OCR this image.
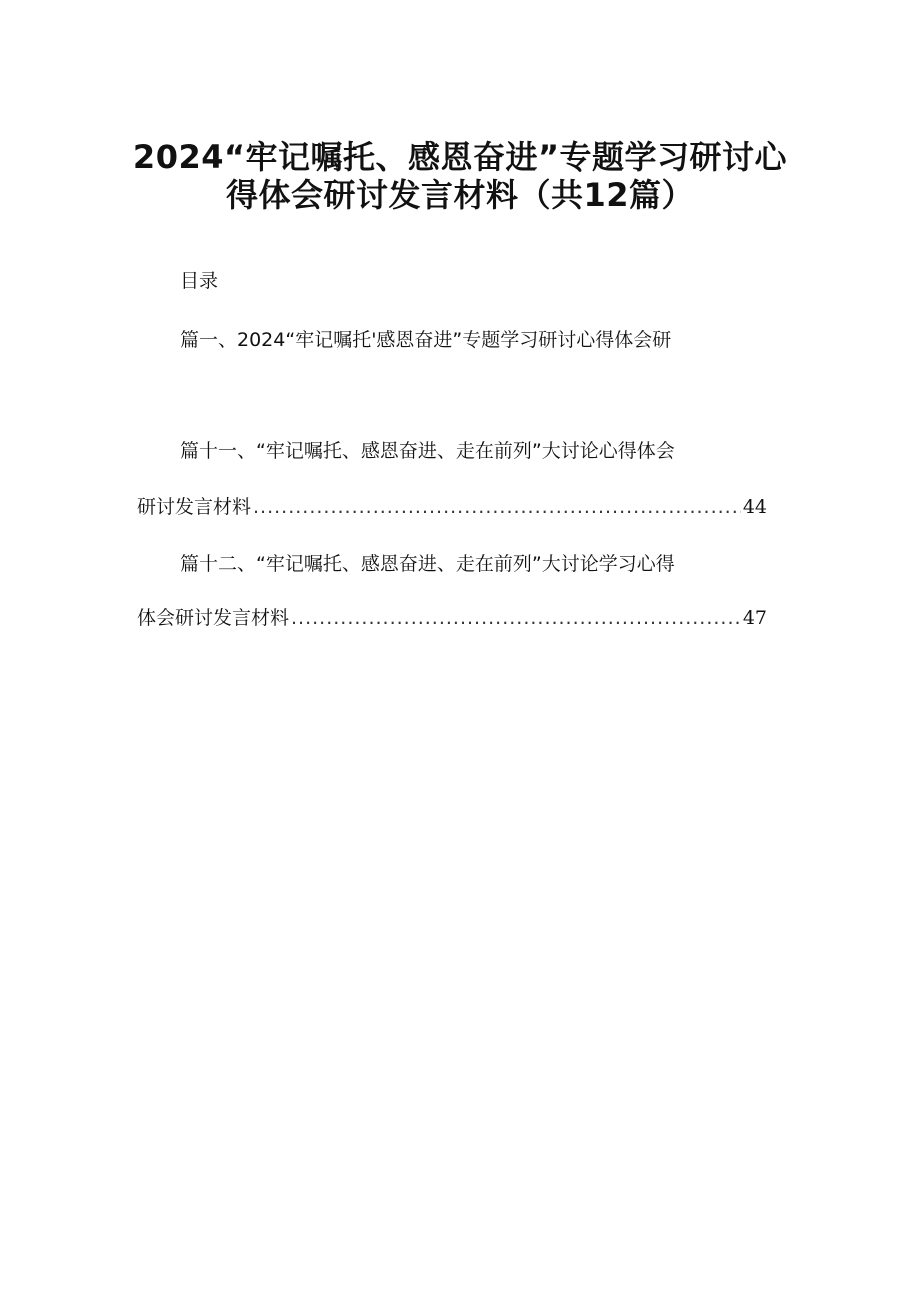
2024“牢记嘱托、感恩奋进”专题学习研讨心
得体会研讨发言材料（共12篇）
目录
篇一、2024“牢记嘱托'感恩奋进”专题学习研讨心得体会研
篇十一、“牢记嘱托、感恩奋进、走在前列”大讨论心得体会
研讨发言材料 .....	44
篇十二、“牢记嘱托、感恩奋进、走在前列”大讨论学习心得
体会研讨发言材料 .....	47
